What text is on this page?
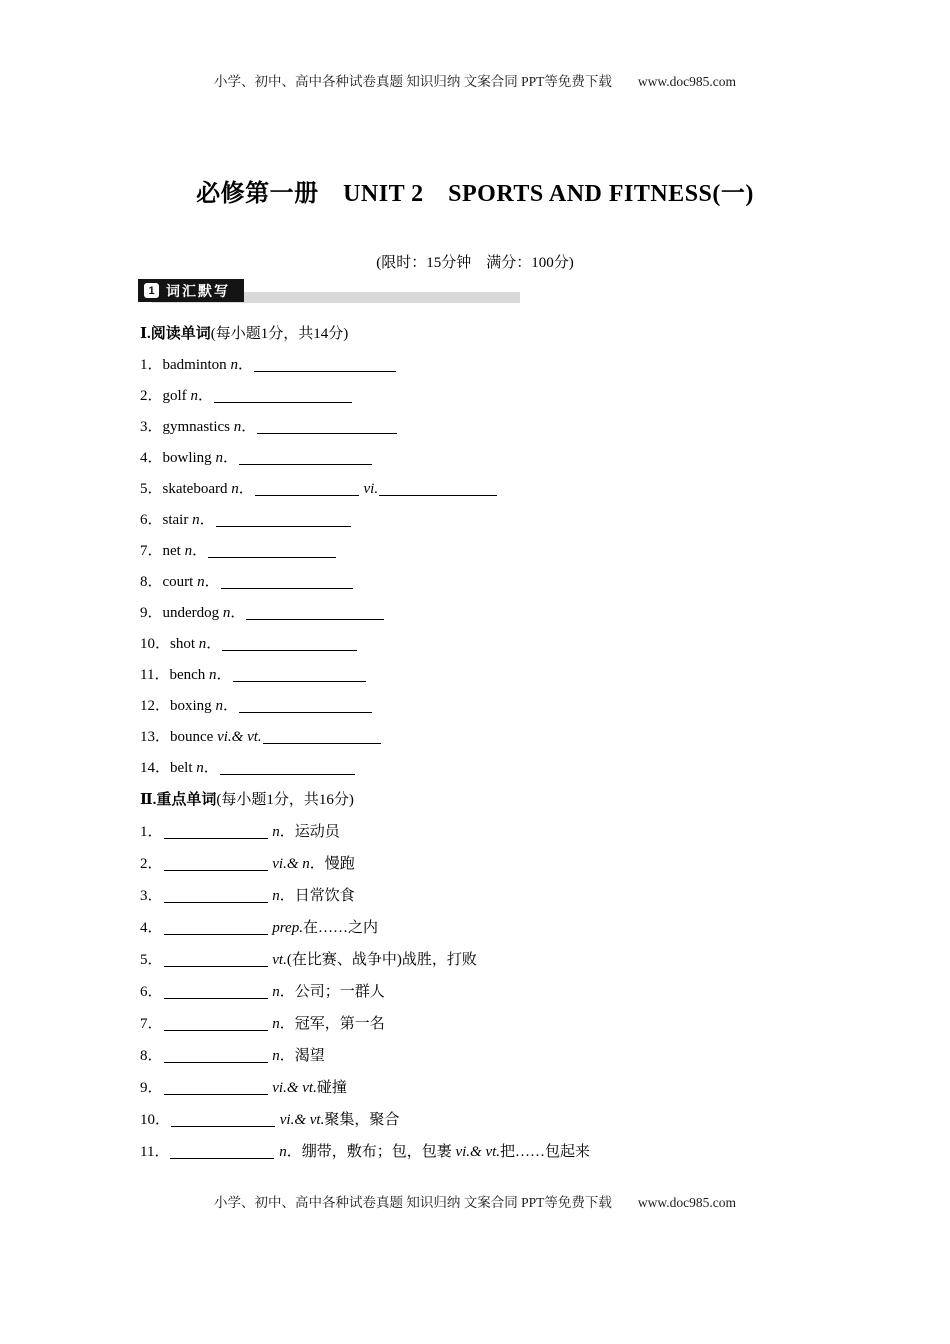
小学、初中、高中各种试卷真题 知识归纳 文案合同 PPT等免费下载 www.doc985.com
必修第一册　UNIT 2　SPORTS AND FITNESS(一)
(限时：15分钟　满分：100分)
1 词汇默写
Ⅰ.阅读单词(每小题1分，共14分)
1．badminton n．
2．golf n．
3．gymnastics n．
4．bowling n．
5．skateboard n．	vi.
6．stair n．
7．net n．
8．court n．
9．underdog n．
10．shot n．
11．bench n．
12．boxing n．
13．bounce vi.& vt.
14．belt n．
Ⅱ.重点单词(每小题1分，共16分)
1．	n．运动员
2．	vi.& n．慢跑
3．	n．日常饮食
4．	prep.在……之内
5．	vt.(在比赛、战争中)战胜，打败
6．	n．公司；一群人
7．	n．冠军，第一名
8．	n．渴望
9．	vi.& vt.碰撞
10．	vi.& vt.聚集，聚合
11．	n．绷带，敷布；包，包裹 vi.& vt.把……包起来
小学、初中、高中各种试卷真题 知识归纳 文案合同 PPT等免费下载 www.doc985.com
